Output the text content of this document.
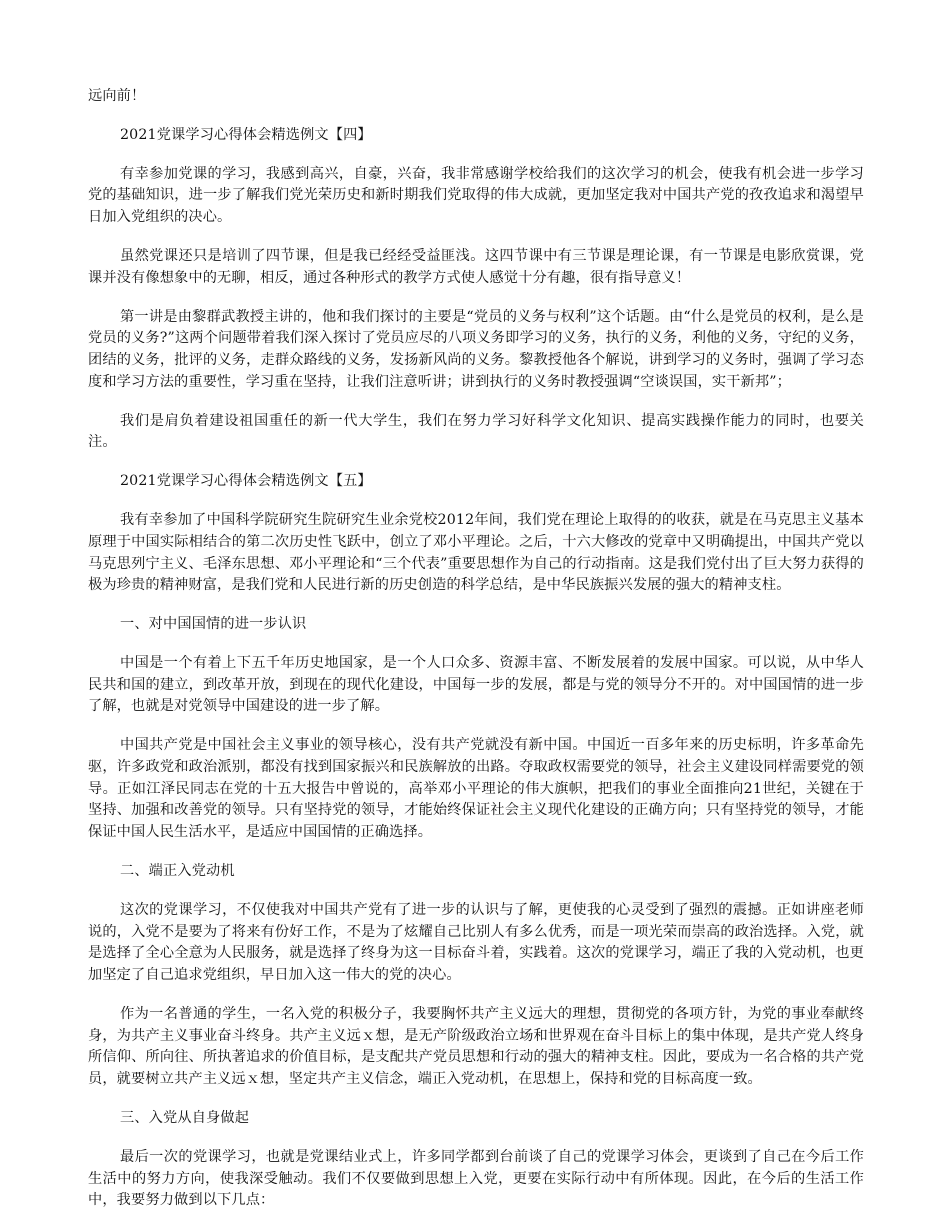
远向前！

2021党课学习心得体会精选例文【四】

有幸参加党课的学习，我感到高兴，自豪，兴奋，我非常感谢学校给我们的这次学习的机会，使我有机会进一步学习党的基础知识，进一步了解我们党光荣历史和新时期我们党取得的伟大成就，更加坚定我对中国共产党的孜孜追求和渴望早日加入党组织的决心。

虽然党课还只是培训了四节课，但是我已经经受益匪浅。这四节课中有三节课是理论课，有一节课是电影欣赏课，党课并没有像想象中的无聊，相反，通过各种形式的教学方式使人感觉十分有趣，很有指导意义！

第一讲是由黎群武教授主讲的，他和我们探讨的主要是“党员的义务与权利”这个话题。由“什么是党员的权利，是么是党员的义务?”这两个问题带着我们深入探讨了党员应尽的八项义务即学习的义务，执行的义务，利他的义务，守纪的义务，团结的义务，批评的义务，走群众路线的义务，发扬新风尚的义务。黎教授他各个解说，讲到学习的义务时，强调了学习态度和学习方法的重要性，学习重在坚持，让我们注意听讲；讲到执行的义务时教授强调“空谈误国，实干新邦”；

我们是肩负着建设祖国重任的新一代大学生，我们在努力学习好科学文化知识、提高实践操作能力的同时，也要关注。

2021党课学习心得体会精选例文【五】

我有幸参加了中国科学院研究生院研究生业余党校2012年间，我们党在理论上取得的的收获，就是在马克思主义基本原理于中国实际相结合的第二次历史性飞跃中，创立了邓小平理论。之后，十六大修改的党章中又明确提出，中国共产党以马克思列宁主义、毛泽东思想、邓小平理论和“三个代表”重要思想作为自己的行动指南。这是我们党付出了巨大努力获得的极为珍贵的精神财富，是我们党和人民进行新的历史创造的科学总结，是中华民族振兴发展的强大的精神支柱。

一、对中国国情的进一步认识

中国是一个有着上下五千年历史地国家，是一个人口众多、资源丰富、不断发展着的发展中国家。可以说，从中华人民共和国的建立，到改革开放，到现在的现代化建设，中国每一步的发展，都是与党的领导分不开的。对中国国情的进一步了解，也就是对党领导中国建设的进一步了解。

中国共产党是中国社会主义事业的领导核心，没有共产党就没有新中国。中国近一百多年来的历史标明，许多革命先驱，许多政党和政治派别，都没有找到国家振兴和民族解放的出路。夺取政权需要党的领导，社会主义建设同样需要党的领导。正如江泽民同志在党的十五大报告中曾说的，高举邓小平理论的伟大旗帜，把我们的事业全面推向21世纪，关键在于坚持、加强和改善党的领导。只有坚持党的领导，才能始终保证社会主义现代化建设的正确方向；只有坚持党的领导，才能保证中国人民生活水平，是适应中国国情的正确选择。

二、端正入党动机

这次的党课学习，不仅使我对中国共产党有了进一步的认识与了解，更使我的心灵受到了强烈的震撼。正如讲座老师说的，入党不是要为了将来有份好工作，不是为了炫耀自己比别人有多么优秀，而是一项光荣而崇高的政治选择。入党，就是选择了全心全意为人民服务，就是选择了终身为这一目标奋斗着，实践着。这次的党课学习，端正了我的入党动机，也更加坚定了自己追求党组织，早日加入这一伟大的党的决心。

作为一名普通的学生，一名入党的积极分子，我要胸怀共产主义远大的理想，贯彻党的各项方针，为党的事业奉献终身，为共产主义事业奋斗终身。共产主义远ｘ想，是无产阶级政治立场和世界观在奋斗目标上的集中体现，是共产党人终身所信仰、所向往、所执著追求的价值目标，是支配共产党员思想和行动的强大的精神支柱。因此，要成为一名合格的共产党员，就要树立共产主义远ｘ想，坚定共产主义信念，端正入党动机，在思想上，保持和党的目标高度一致。

三、入党从自身做起

最后一次的党课学习，也就是党课结业式上，许多同学都到台前谈了自己的党课学习体会，更谈到了自己在今后工作生活中的努力方向，使我深受触动。我们不仅要做到思想上入党，更要在实际行动中有所体现。因此，在今后的生活工作中，我要努力做到以下几点：
